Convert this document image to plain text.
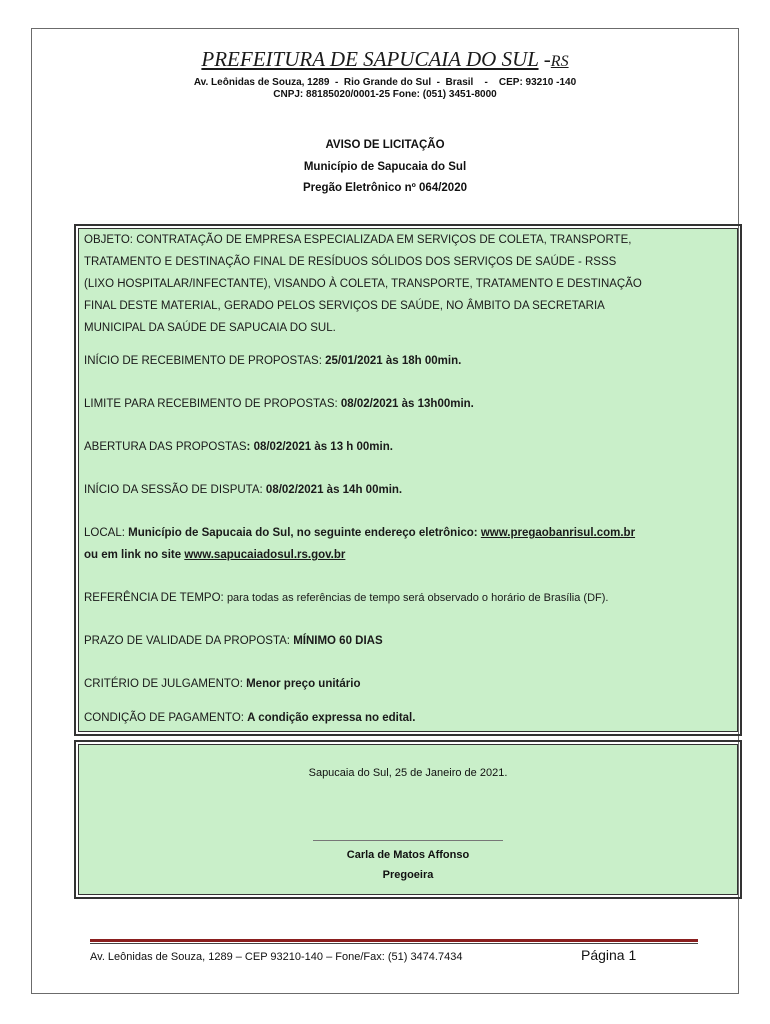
PREFEITURA DE SAPUCAIA DO SUL -RS
Av. Leônidas de Souza, 1289  -  Rio Grande do Sul  -  Brasil    -    CEP: 93210 -140
CNPJ: 88185020/0001-25 Fone: (051) 3451-8000
AVISO DE LICITAÇÃO
Município de Sapucaia do Sul
Pregão Eletrônico nº 064/2020
OBJETO: CONTRATAÇÃO DE EMPRESA ESPECIALIZADA EM SERVIÇOS DE COLETA, TRANSPORTE,
TRATAMENTO E DESTINAÇÃO FINAL DE RESÍDUOS SÓLIDOS DOS SERVIÇOS DE SAÚDE - RSSS
(LIXO HOSPITALAR/INFECTANTE), VISANDO À COLETA, TRANSPORTE, TRATAMENTO E DESTINAÇÃO
FINAL DESTE MATERIAL, GERADO PELOS SERVIÇOS DE SAÚDE, NO ÂMBITO DA SECRETARIA
MUNICIPAL DA SAÚDE DE SAPUCAIA DO SUL.
INÍCIO DE RECEBIMENTO DE PROPOSTAS: 25/01/2021 às 18h 00min.
LIMITE PARA RECEBIMENTO DE PROPOSTAS: 08/02/2021 às 13h00min.
ABERTURA DAS PROPOSTAS: 08/02/2021 às 13 h 00min.
INÍCIO DA SESSÃO DE DISPUTA: 08/02/2021 às 14h 00min.
LOCAL: Município de Sapucaia do Sul, no seguinte endereço eletrônico: www.pregaobanrisul.com.br
ou em link no site www.sapucaiadosul.rs.gov.br
REFERÊNCIA DE TEMPO: para todas as referências de tempo será observado o horário de Brasília (DF).
PRAZO DE VALIDADE DA PROPOSTA: MÍNIMO 60 DIAS
CRITÉRIO DE JULGAMENTO: Menor preço unitário
CONDIÇÃO DE PAGAMENTO: A condição expressa no edital.
Sapucaia do Sul, 25 de Janeiro de 2021.
Carla de Matos Affonso
Pregoeira
Av. Leônidas de Souza, 1289 – CEP 93210-140 – Fone/Fax: (51) 3474.7434	Página 1
